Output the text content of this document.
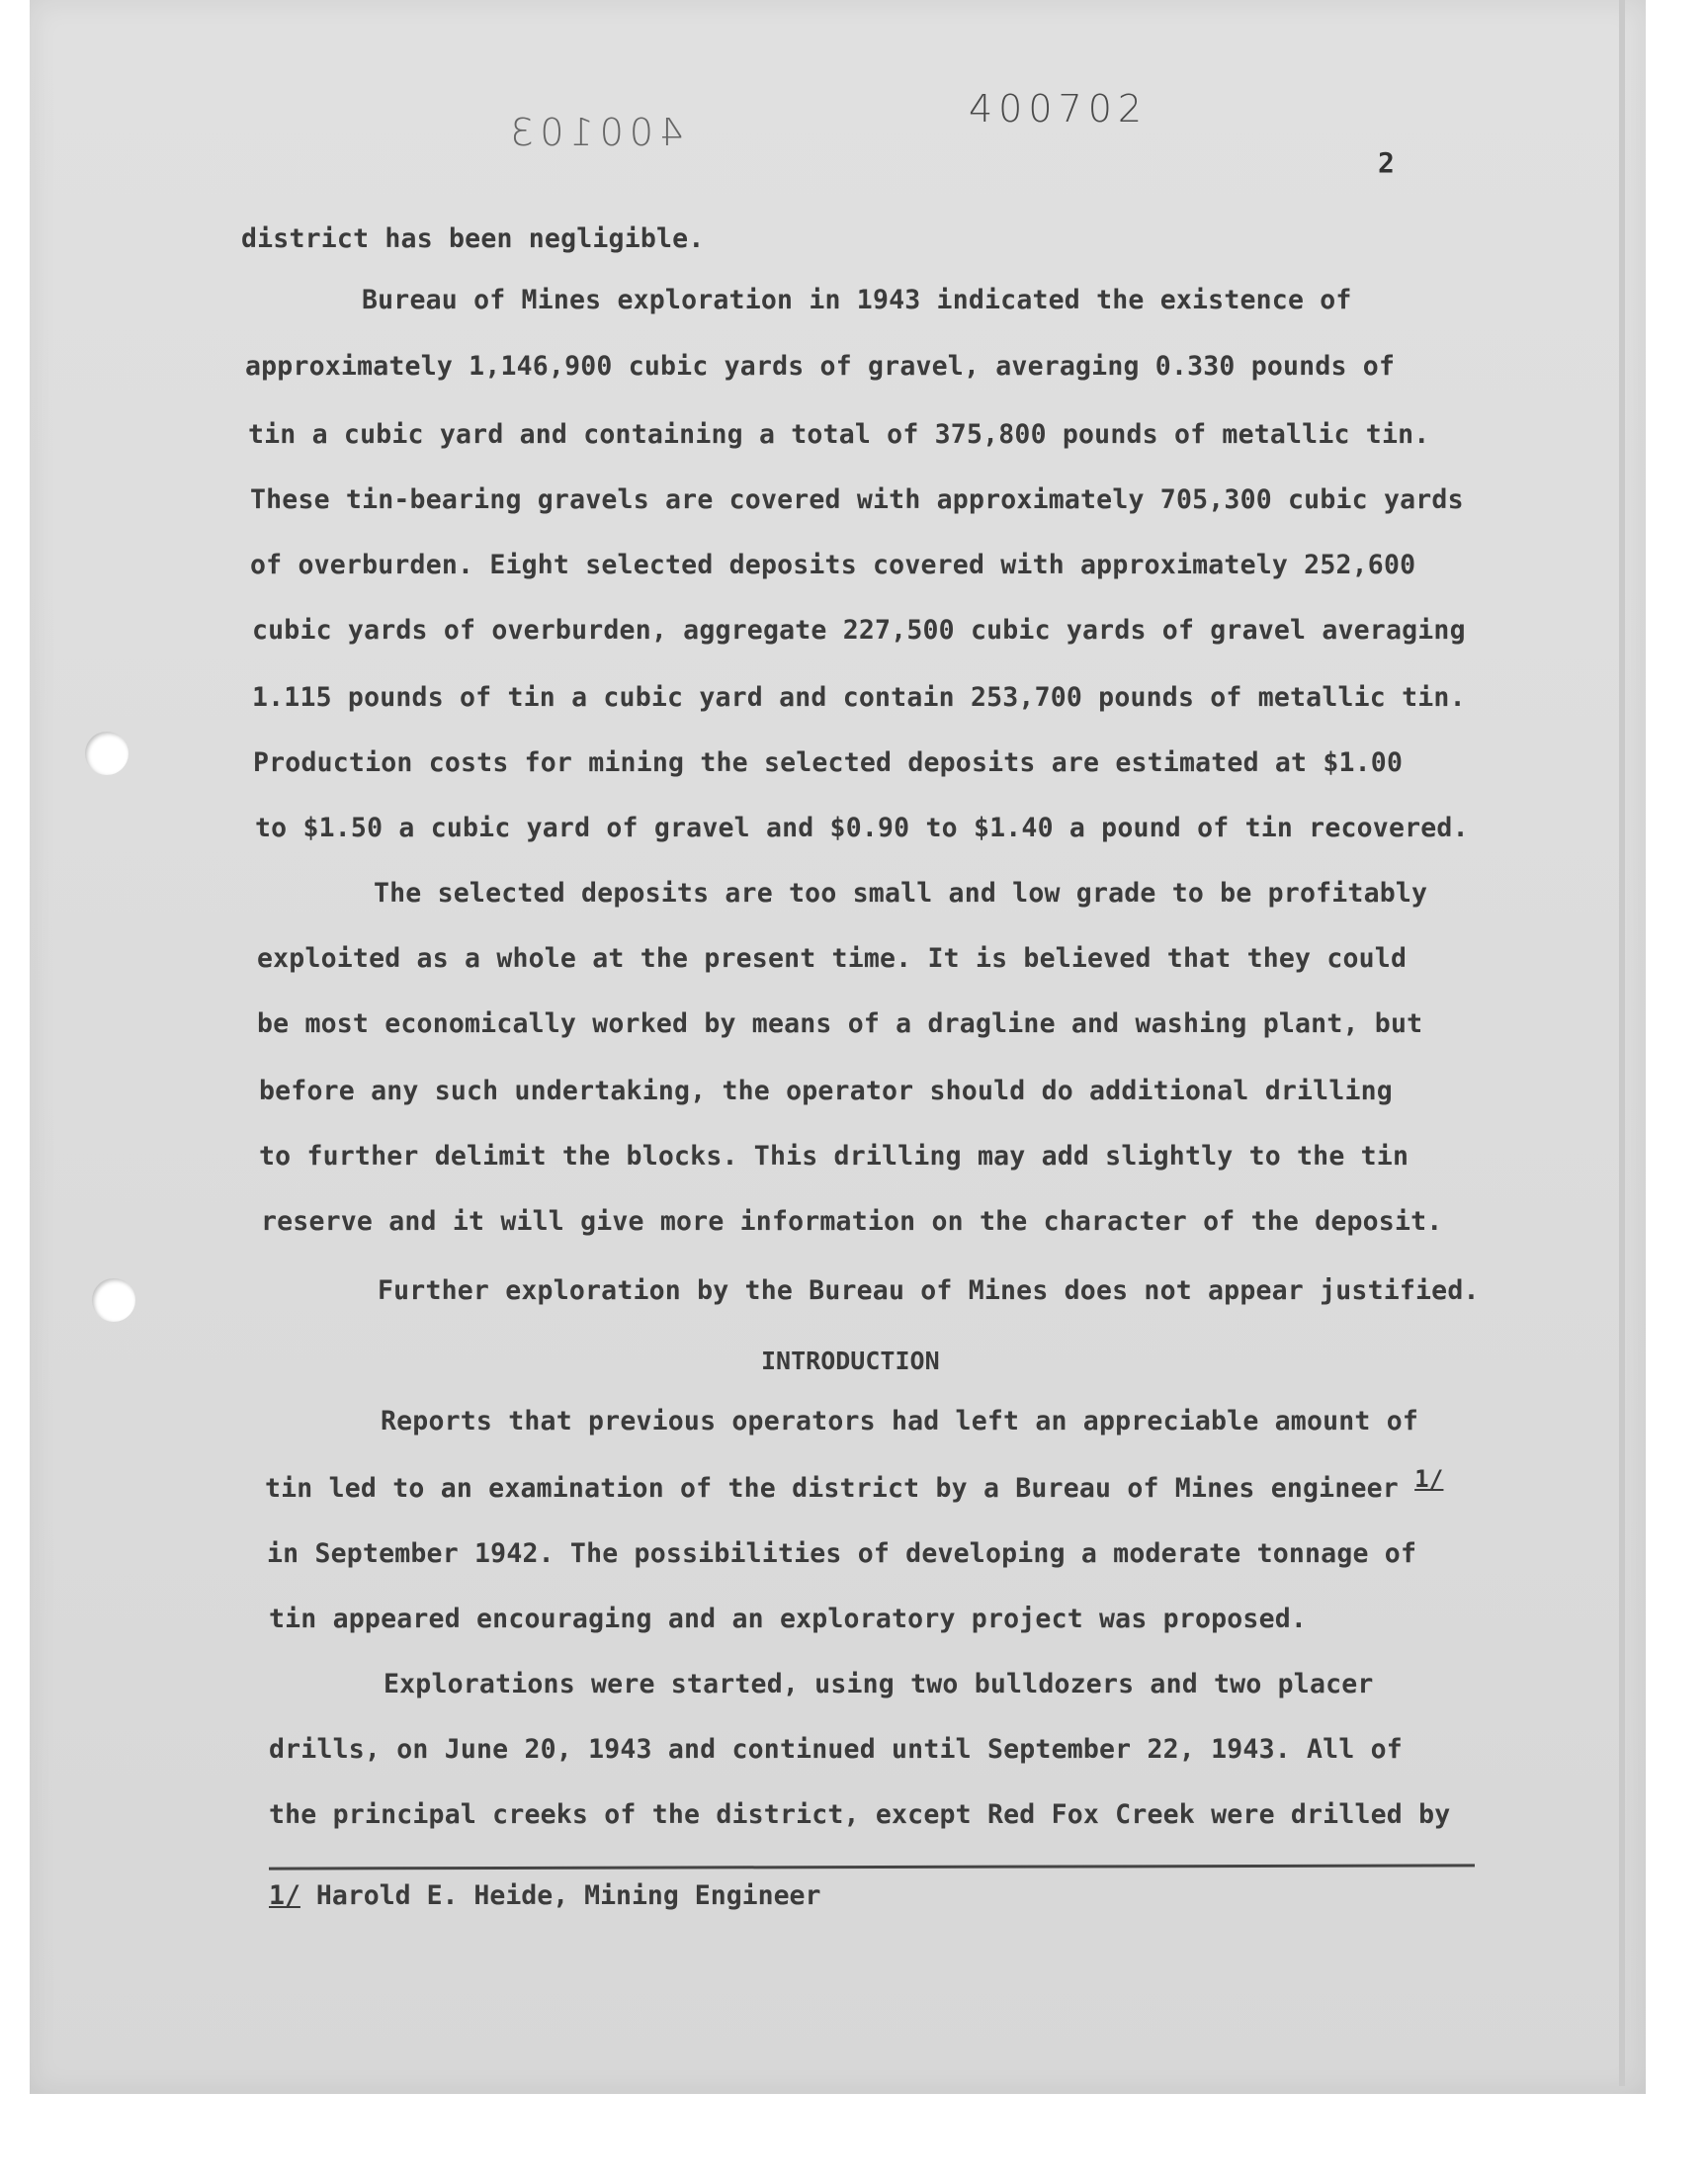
400103
400702
2
district has been negligible.
Bureau of Mines exploration in 1943 indicated the existence of
approximately 1,146,900 cubic yards of gravel, averaging 0.330 pounds of
tin a cubic yard and containing a total of 375,800 pounds of metallic tin.
These tin-bearing gravels are covered with approximately 705,300 cubic yards
of overburden. Eight selected deposits covered with approximately 252,600
cubic yards of overburden, aggregate 227,500 cubic yards of gravel averaging
1.115 pounds of tin a cubic yard and contain 253,700 pounds of metallic tin.
Production costs for mining the selected deposits are estimated at $1.00
to $1.50 a cubic yard of gravel and $0.90 to $1.40 a pound of tin recovered.
The selected deposits are too small and low grade to be profitably
exploited as a whole at the present time. It is believed that they could
be most economically worked by means of a dragline and washing plant, but
before any such undertaking, the operator should do additional drilling
to further delimit the blocks. This drilling may add slightly to the tin
reserve and it will give more information on the character of the deposit.
Further exploration by the Bureau of Mines does not appear justified.
INTRODUCTION
Reports that previous operators had left an appreciable amount of
tin led to an examination of the district by a Bureau of Mines engineer 1/
in September 1942. The possibilities of developing a moderate tonnage of
tin appeared encouraging and an exploratory project was proposed.
Explorations were started, using two bulldozers and two placer
drills, on June 20, 1943 and continued until September 22, 1943. All of
the principal creeks of the district, except Red Fox Creek were drilled by
1/ Harold E. Heide, Mining Engineer
